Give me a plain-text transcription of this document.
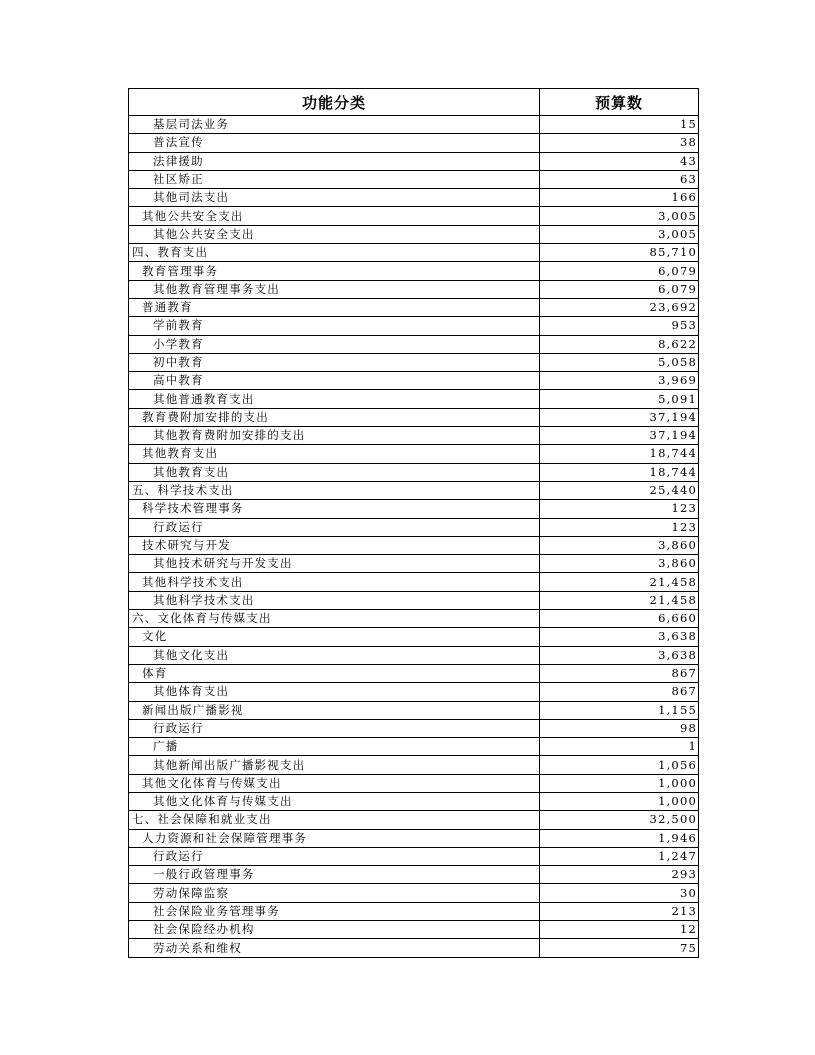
功能分类	预算数
基层司法业务	15
普法宣传	38
法律援助	43
社区矫正	63
其他司法支出	166
其他公共安全支出	3,005
其他公共安全支出	3,005
四、教育支出	85,710
教育管理事务	6,079
其他教育管理事务支出	6,079
普通教育	23,692
学前教育	953
小学教育	8,622
初中教育	5,058
高中教育	3,969
其他普通教育支出	5,091
教育费附加安排的支出	37,194
其他教育费附加安排的支出	37,194
其他教育支出	18,744
其他教育支出	18,744
五、科学技术支出	25,440
科学技术管理事务	123
行政运行	123
技术研究与开发	3,860
其他技术研究与开发支出	3,860
其他科学技术支出	21,458
其他科学技术支出	21,458
六、文化体育与传媒支出	6,660
文化	3,638
其他文化支出	3,638
体育	867
其他体育支出	867
新闻出版广播影视	1,155
行政运行	98
广播	1
其他新闻出版广播影视支出	1,056
其他文化体育与传媒支出	1,000
其他文化体育与传媒支出	1,000
七、社会保障和就业支出	32,500
人力资源和社会保障管理事务	1,946
行政运行	1,247
一般行政管理事务	293
劳动保障监察	30
社会保险业务管理事务	213
社会保险经办机构	12
劳动关系和维权	75
